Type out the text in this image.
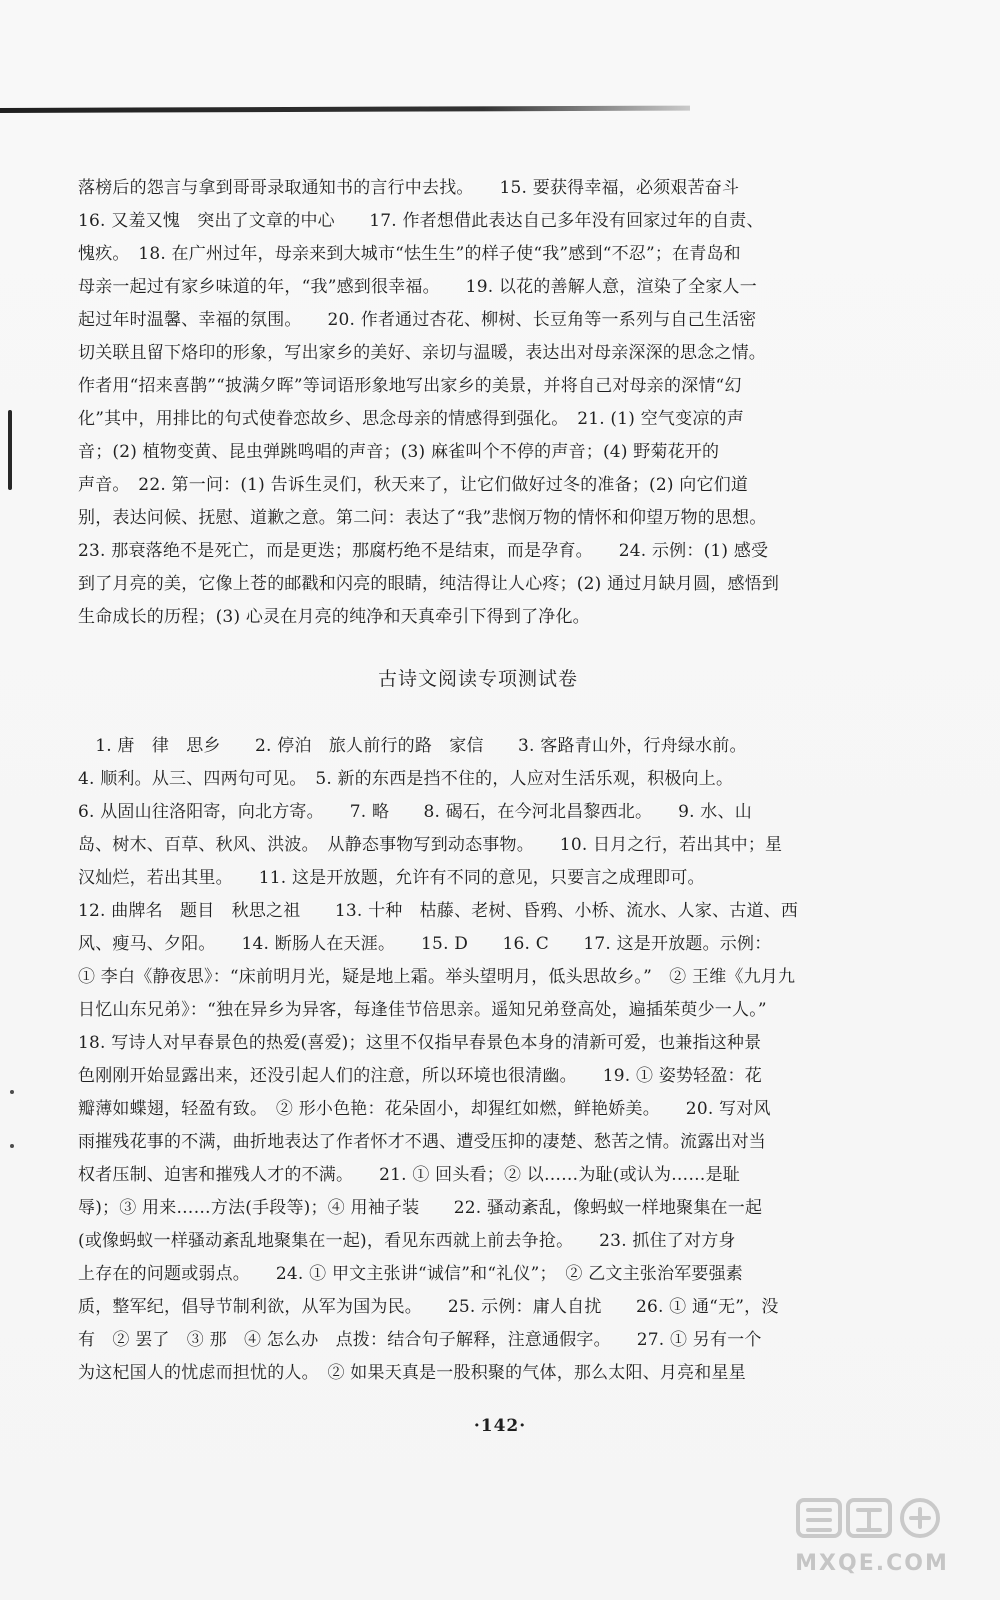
落榜后的怨言与拿到哥哥录取通知书的言行中去找。　　15. 要获得幸福，必须艰苦奋斗
16. 又羞又愧　突出了文章的中心　　17. 作者想借此表达自己多年没有回家过年的自责、
愧疚。　18. 在广州过年，母亲来到大城市“怯生生”的样子使“我”感到“不忍”；在青岛和
母亲一起过有家乡味道的年，“我”感到很幸福。　　19. 以花的善解人意，渲染了全家人一
起过年时温馨、幸福的氛围。　　20. 作者通过杏花、柳树、长豆角等一系列与自己生活密
切关联且留下烙印的形象，写出家乡的美好、亲切与温暖，表达出对母亲深深的思念之情。
作者用“招来喜鹊”“披满夕晖”等词语形象地写出家乡的美景，并将自己对母亲的深情“幻
化”其中，用排比的句式使眷恋故乡、思念母亲的情感得到强化。　21. (1) 空气变凉的声
音；(2) 植物变黄、昆虫弹跳鸣唱的声音；(3) 麻雀叫个不停的声音；(4) 野菊花开的
声音。　22. 第一问：(1) 告诉生灵们，秋天来了，让它们做好过冬的准备；(2) 向它们道
别，表达问候、抚慰、道歉之意。第二问：表达了“我”悲悯万物的情怀和仰望万物的思想。
23. 那衰落绝不是死亡，而是更迭；那腐朽绝不是结束，而是孕育。　　24. 示例：(1) 感受
到了月亮的美，它像上苍的邮戳和闪亮的眼睛，纯洁得让人心疼；(2) 通过月缺月圆，感悟到
生命成长的历程；(3) 心灵在月亮的纯净和天真牵引下得到了净化。
古诗文阅读专项测试卷
　1. 唐　律　思乡　　2. 停泊　旅人前行的路　家信　　3. 客路青山外，行舟绿水前。
4. 顺利。从三、四两句可见。　5. 新的东西是挡不住的，人应对生活乐观，积极向上。
6. 从固山往洛阳寄，向北方寄。　　7. 略　　8. 碣石，在今河北昌黎西北。　　9. 水、山
岛、树木、百草、秋风、洪波。　从静态事物写到动态事物。　　10. 日月之行，若出其中；星
汉灿烂，若出其里。　　11. 这是开放题，允许有不同的意见，只要言之成理即可。
12. 曲牌名　题目　秋思之祖　　13. 十种　枯藤、老树、昏鸦、小桥、流水、人家、古道、西
风、瘦马、夕阳。　　14. 断肠人在天涯。　　15. D　　16. C　　17. 这是开放题。示例：
① 李白《静夜思》：“床前明月光，疑是地上霜。举头望明月，低头思故乡。”　② 王维《九月九
日忆山东兄弟》：“独在异乡为异客，每逢佳节倍思亲。遥知兄弟登高处，遍插茱萸少一人。”
18. 写诗人对早春景色的热爱(喜爱)；这里不仅指早春景色本身的清新可爱，也兼指这种景
色刚刚开始显露出来，还没引起人们的注意，所以环境也很清幽。　　19. ① 姿势轻盈：花
瓣薄如蝶翅，轻盈有致。　② 形小色艳：花朵固小，却猩红如燃，鲜艳娇美。　　20. 写对风
雨摧残花事的不满，曲折地表达了作者怀才不遇、遭受压抑的凄楚、愁苦之情。流露出对当
权者压制、迫害和摧残人才的不满。　　21. ① 回头看；② 以……为耻(或认为……是耻
辱)；③ 用来……方法(手段等)；④ 用袖子装　　22. 骚动紊乱，像蚂蚁一样地聚集在一起
(或像蚂蚁一样骚动紊乱地聚集在一起)，看见东西就上前去争抢。　　23. 抓住了对方身
上存在的问题或弱点。　　24. ① 甲文主张讲“诚信”和“礼仪”；　② 乙文主张治军要强素
质，整军纪，倡导节制利欲，从军为国为民。　　25. 示例：庸人自扰　　26. ① 通“无”，没
有　② 罢了　③ 那　④ 怎么办　点拨：结合句子解释，注意通假字。　　27. ① 另有一个
为这杞国人的忧虑而担忧的人。　② 如果天真是一股积聚的气体，那么太阳、月亮和星星
·142·
MXQE.COM
